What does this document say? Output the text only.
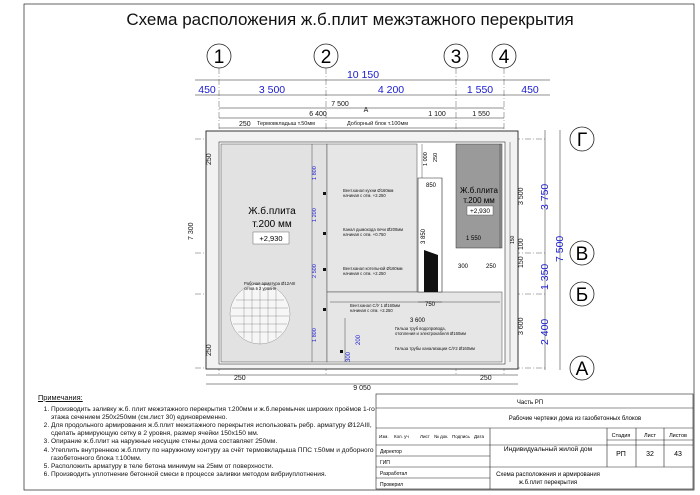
Схема расположения ж.б.плит межэтажного перекрытия
1	2	3 4
Г
В
Б
А
10 150
450	3 500	4 200	1 550	450
7 500
6 400	1 100	1 550
А
250
7 300
250
250
250	250
9 050
7 500
3 750
1 350
2 400
3 500
100
150
3 600
Термовкладыш т.50мм	Доборный блок т.100мм
Ж.б.плита
т.200 мм
+2,930
Ж.б.плита
т.200 мм
+2,930
Рабочая арматура Ø12АIII
сетка в 2 уровня
Вент.канал кухни Ø160мм
начиная с отм. +2.250
Канал дымохода печи Ø200мм
начиная с отм. +0.750
Вент.канал котельной Ø160мм
начиная с отм. +2.250
Вент.канал С/У 1 Ø160мм
начиная с отм. +2.250
Гильза труб водопровода,
отопления и электрокабеля Ø160мм
Гильза трубы канализации С/У2 Ø160мм
1 800
1 200
2 500
1 800
1 000 250
850
3 850	1 550
300	250
750
3 600
300
200
150
Часть РП
Рабочие чертежи дома из газобетонных блоков
Индивидуальный жилой дом
Схема расположения и армирования
ж.б.плит перекрытия
Изм. Кол. уч	Лист № док. Подпись Дата
Директор
ГИП
Разработал
Проверил
Стадия Лист Листов
РП	32	43
Примечания:
1. Производить заливку ж.б. плит межэтажного перекрытия т.200мм и ж.б.перемычек широких проёмов 1-го этажа сечением 250х250мм (см.лист 30) единовременно.
2. Для продольного армирования ж.б.плит межэтажного перекрытия использовать ребр. арматуру Ø12АIII, сделать армирующую сетку в 2 уровня, размер ячейки 150х150 мм.
3. Опирание ж.б.плит на наружные несущие стены дома составляет 250мм.
4. Утеплить внутреннюю ж.б.плиту по наружному контуру за счёт термовкладыша ППС т.50мм и доборного газобетонного блока т.100мм.
5. Расположить арматуру в теле бетона минимум на 25мм от поверхности.
6. Производить уплотнение бетонной смеси в процессе заливки методом вибриуплотнения.
